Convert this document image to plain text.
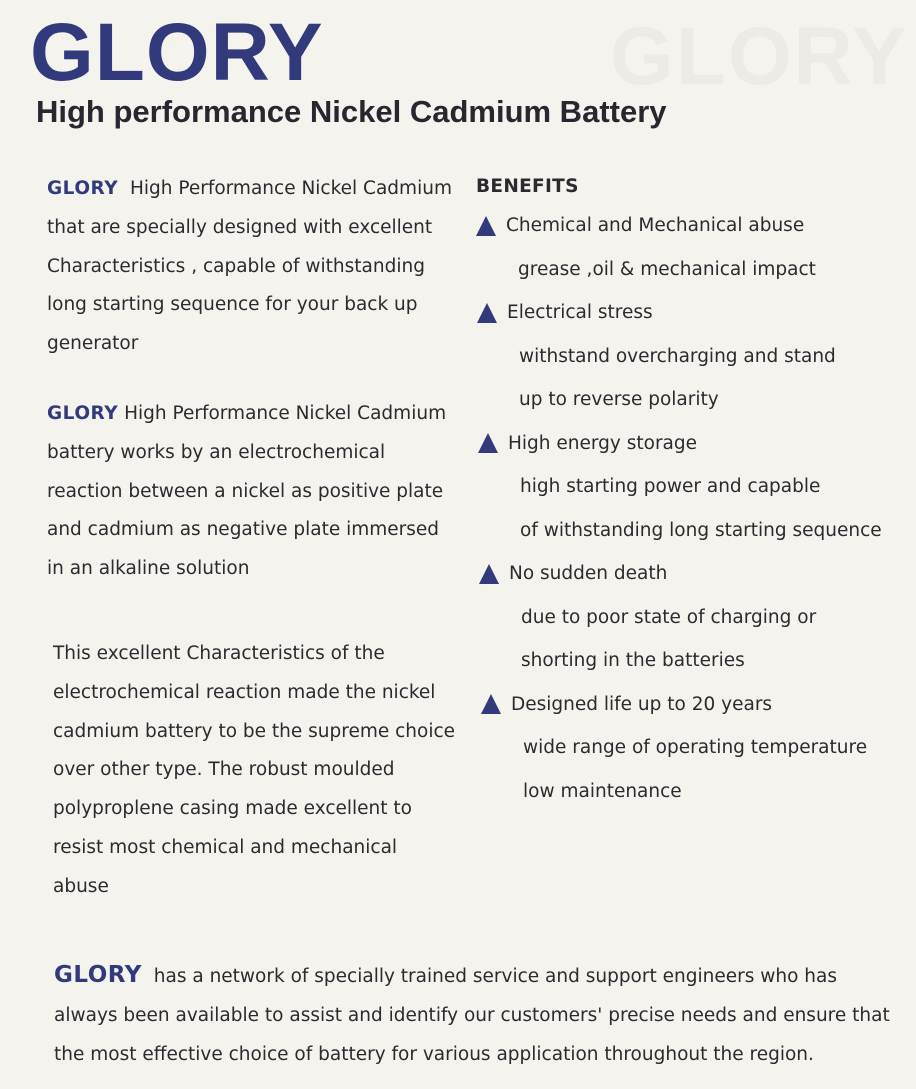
GLORY
GLORY
High performance Nickel Cadmium Battery

GLORY High Performance Nickel Cadmium that are specially designed with excellent Characteristics , capable of withstanding long starting sequence for your back up generator

GLORY High Performance Nickel Cadmium battery works by an electrochemical reaction between a nickel as positive plate and cadmium as negative plate immersed in an alkaline solution

This excellent Characteristics of the electrochemical reaction made the nickel cadmium battery to be the supreme choice over other type. The robust moulded polyproplene casing made excellent to resist most chemical and mechanical abuse

BENEFITS
Chemical and Mechanical abuse
grease ,oil & mechanical impact
Electrical stress
withstand overcharging and stand
up to reverse polarity
High energy storage
high starting power and capable
of withstanding long starting sequence
No sudden death
due to poor state of charging or
shorting in the batteries
Designed life up to 20 years
wide range of operating temperature
low maintenance

GLORY has a network of specially trained service and support engineers who has always been available to assist and identify our customers' precise needs and ensure that the most effective choice of battery for various application throughout the region.
